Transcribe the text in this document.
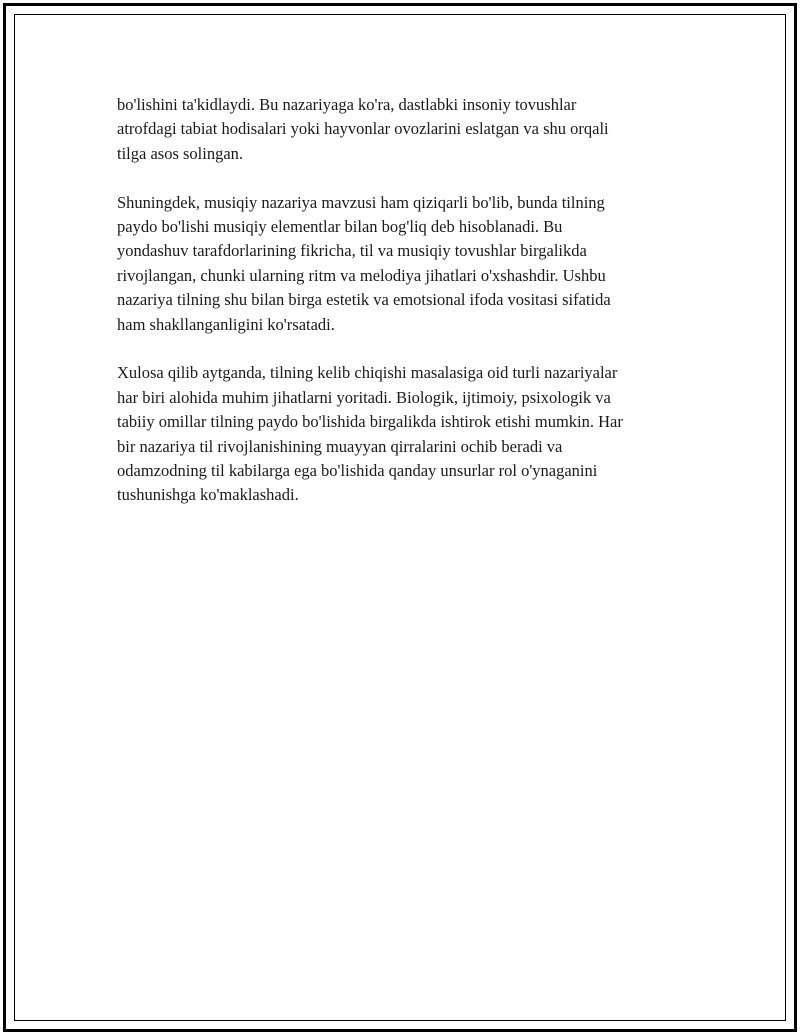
bo'lishini ta'kidlaydi. Bu nazariyaga ko'ra, dastlabki insoniy tovushlar
atrofdagi tabiat hodisalari yoki hayvonlar ovozlarini eslatgan va shu orqali
tilga asos solingan.

Shuningdek, musiqiy nazariya mavzusi ham qiziqarli bo'lib, bunda tilning
paydo bo'lishi musiqiy elementlar bilan bog'liq deb hisoblanadi. Bu
yondashuv tarafdorlarining fikricha, til va musiqiy tovushlar birgalikda
rivojlangan, chunki ularning ritm va melodiya jihatlari o'xshashdir. Ushbu
nazariya tilning shu bilan birga estetik va emotsional ifoda vositasi sifatida
ham shakllanganligini ko'rsatadi.

Xulosa qilib aytganda, tilning kelib chiqishi masalasiga oid turli nazariyalar
har biri alohida muhim jihatlarni yoritadi. Biologik, ijtimoiy, psixologik va
tabiiy omillar tilning paydo bo'lishida birgalikda ishtirok etishi mumkin. Har
bir nazariya til rivojlanishining muayyan qirralarini ochib beradi va
odamzodning til kabilarga ega bo'lishida qanday unsurlar rol o'ynaganini
tushunishga ko'maklashadi.
